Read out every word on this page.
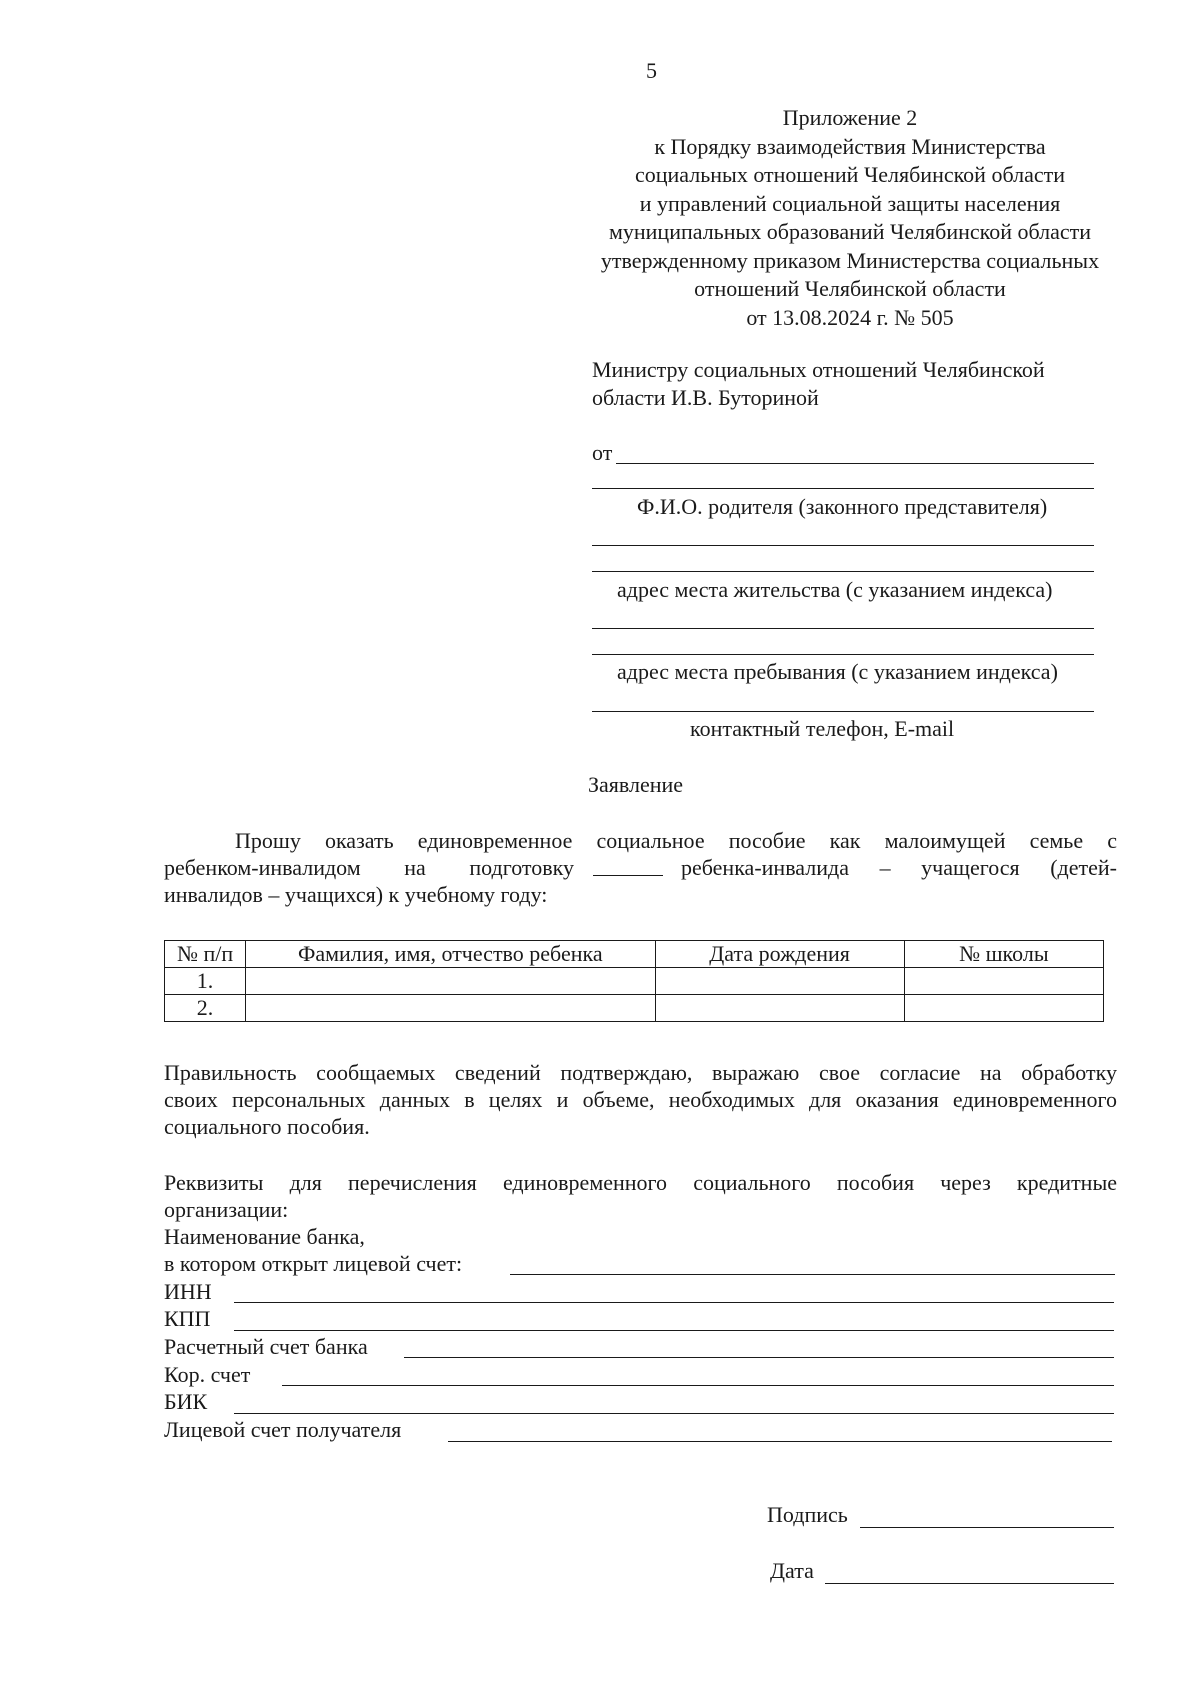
5
Приложение 2
к Порядку взаимодействия Министерства
социальных отношений Челябинской области
и управлений социальной защиты населения
муниципальных образований Челябинской области
утвержденному приказом Министерства социальных
отношений Челябинской области
от 13.08.2024 г. № 505
Министру социальных отношений Челябинской
области И.В. Буториной
от
Ф.И.О. родителя (законного представителя)
адрес места жительства (с указанием индекса)
адрес места пребывания (с указанием индекса)
контактный телефон, E-mail
Заявление
Прошу оказать единовременное социальное пособие как малоимущей семье с
ребенком-инвалидом на подготовку	ребенка-инвалида – учащегося (детей-
инвалидов – учащихся) к учебному году:
№ п/п	Фамилия, имя, отчество ребенка	Дата рождения	№ школы
1.			
2.			
Правильность сообщаемых сведений подтверждаю, выражаю свое согласие на обработку
своих персональных данных в целях и объеме, необходимых для оказания единовременного
социального пособия.
Реквизиты для перечисления единовременного социального пособия через кредитные
организации:
Наименование банка,
в котором открыт лицевой счет:
ИНН
КПП
Расчетный счет банка
Кор. счет
БИК
Лицевой счет получателя
Подпись
Дата
